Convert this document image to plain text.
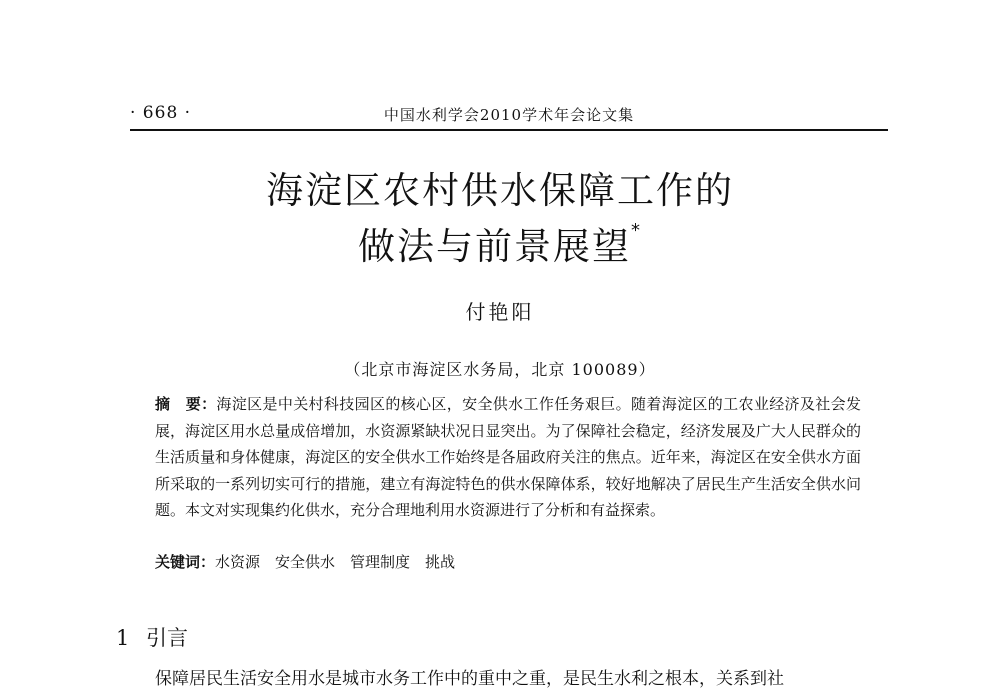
· 668 ·	中国水利学会2010学术年会论文集
海淀区农村供水保障工作的
做法与前景展望*
付艳阳
（北京市海淀区水务局，北京 100089）
摘　要：海淀区是中关村科技园区的核心区，安全供水工作任务艰巨。随着海淀区的工农业经济及社会发展，海淀区用水总量成倍增加，水资源紧缺状况日显突出。为了保障社会稳定，经济发展及广大人民群众的生活质量和身体健康，海淀区的安全供水工作始终是各届政府关注的焦点。近年来，海淀区在安全供水方面所采取的一系列切实可行的措施，建立有海淀特色的供水保障体系，较好地解决了居民生产生活安全供水问题。本文对实现集约化供水，充分合理地利用水资源进行了分析和有益探索。
关键词：水资源　安全供水　管理制度　挑战
1 引言
保障居民生活安全用水是城市水务工作中的重中之重，是民生水利之根本，关系到社
